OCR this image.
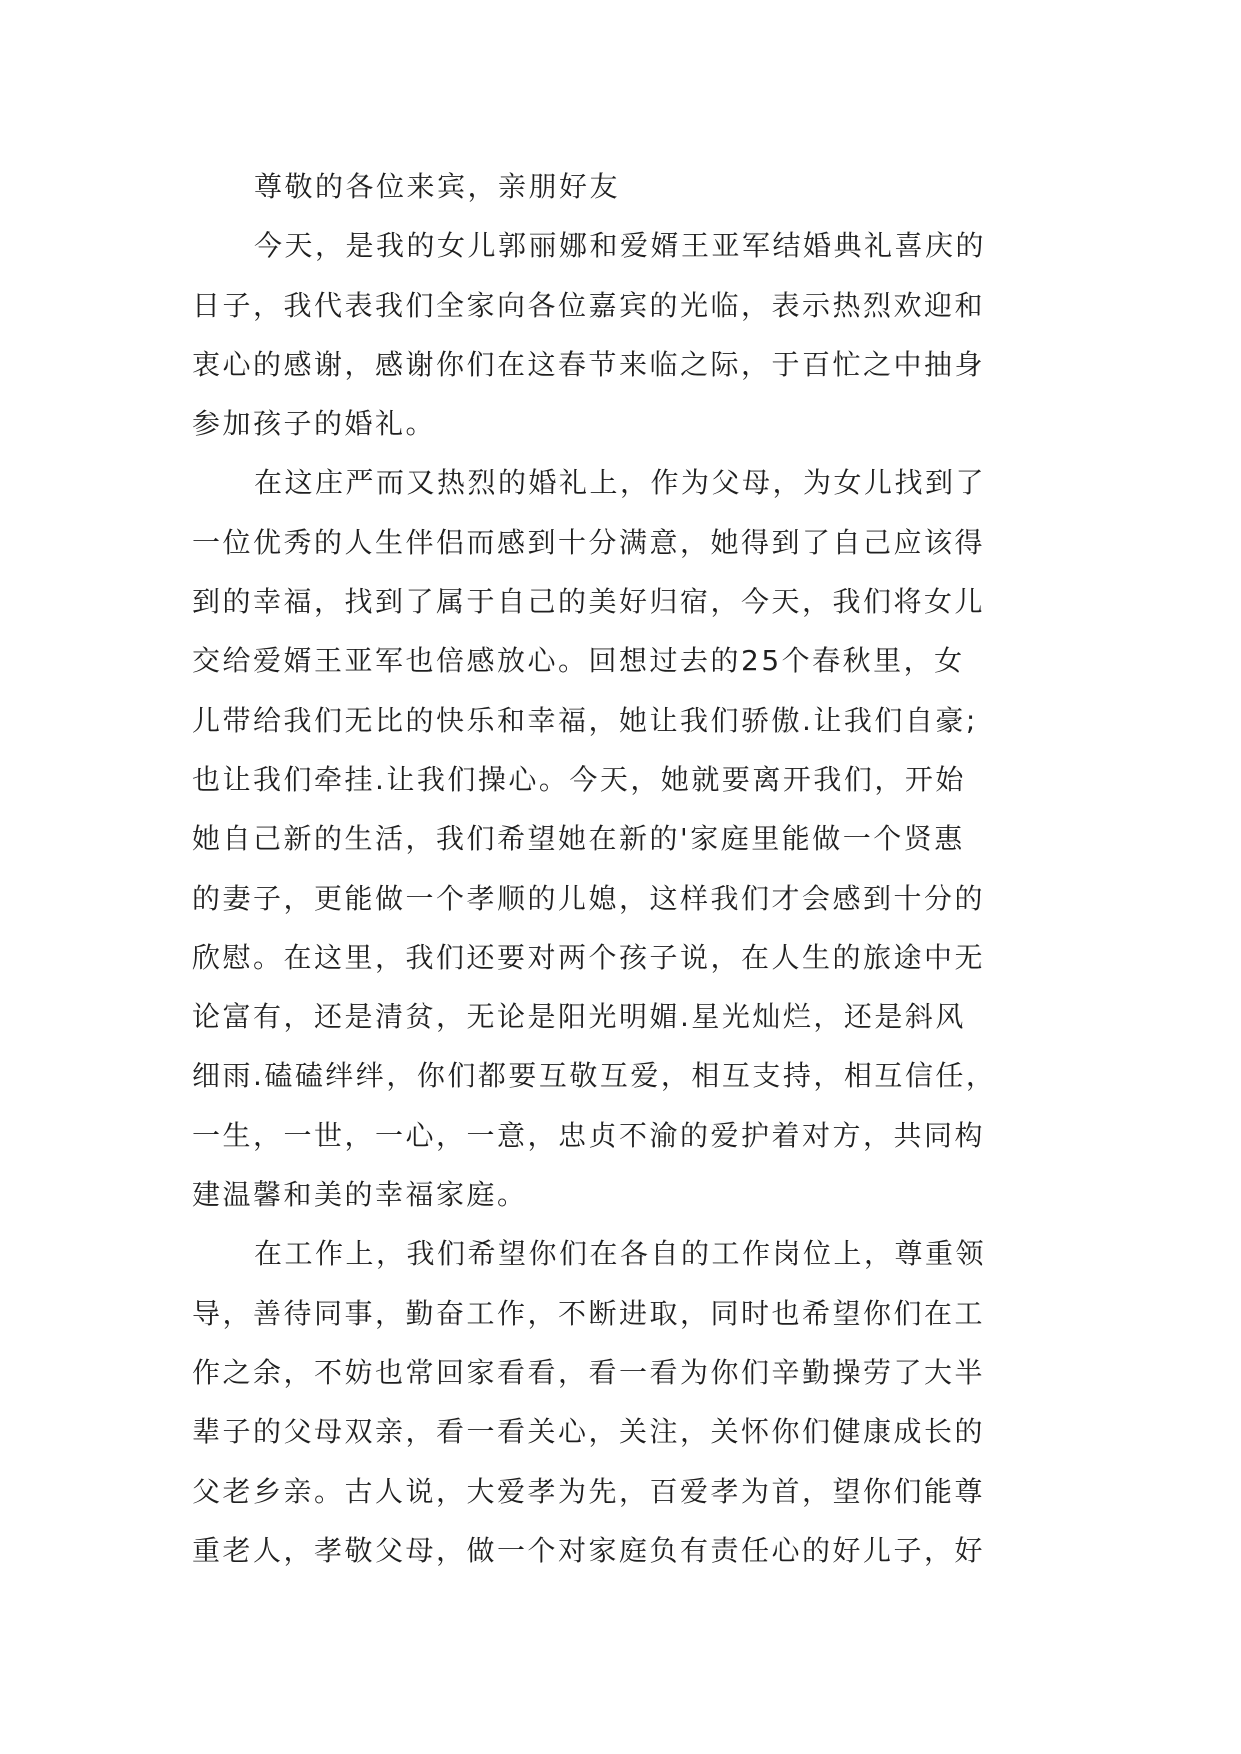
尊敬的各位来宾，亲朋好友
今天，是我的女儿郭丽娜和爱婿王亚军结婚典礼喜庆的
日子，我代表我们全家向各位嘉宾的光临，表示热烈欢迎和
衷心的感谢，感谢你们在这春节来临之际，于百忙之中抽身
参加孩子的婚礼。
在这庄严而又热烈的婚礼上，作为父母，为女儿找到了
一位优秀的人生伴侣而感到十分满意，她得到了自己应该得
到的幸福，找到了属于自己的美好归宿，今天，我们将女儿
交给爱婿王亚军也倍感放心。回想过去的25个春秋里，女
儿带给我们无比的快乐和幸福，她让我们骄傲.让我们自豪;
也让我们牵挂.让我们操心。今天，她就要离开我们，开始
她自己新的生活，我们希望她在新的'家庭里能做一个贤惠
的妻子，更能做一个孝顺的儿媳，这样我们才会感到十分的
欣慰。在这里，我们还要对两个孩子说，在人生的旅途中无
论富有，还是清贫，无论是阳光明媚.星光灿烂，还是斜风
细雨.磕磕绊绊，你们都要互敬互爱，相互支持，相互信任，
一生，一世，一心，一意，忠贞不渝的爱护着对方，共同构
建温馨和美的幸福家庭。
在工作上，我们希望你们在各自的工作岗位上，尊重领
导，善待同事，勤奋工作，不断进取，同时也希望你们在工
作之余，不妨也常回家看看，看一看为你们辛勤操劳了大半
辈子的父母双亲，看一看关心，关注，关怀你们健康成长的
父老乡亲。古人说，大爱孝为先，百爱孝为首，望你们能尊
重老人，孝敬父母，做一个对家庭负有责任心的好儿子，好
